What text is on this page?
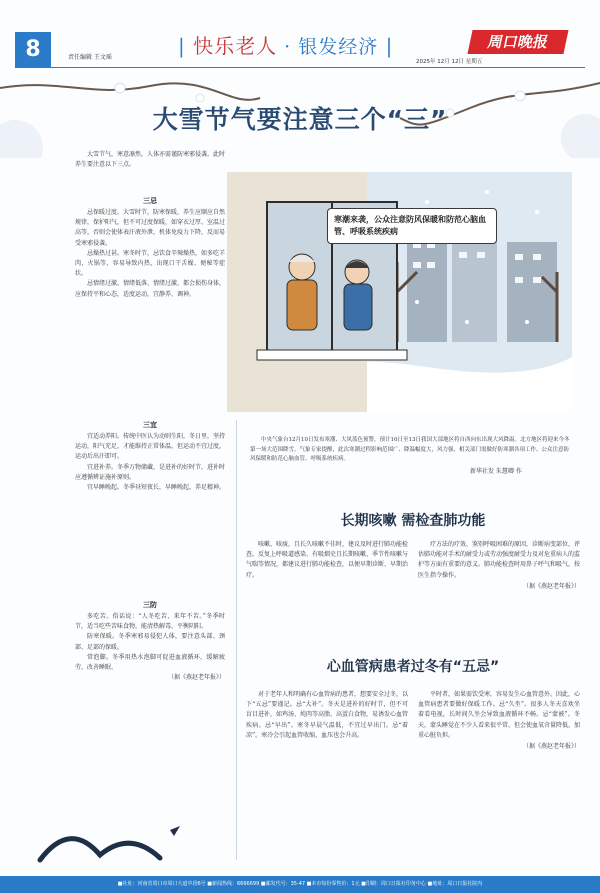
8	责任编辑 王文瑶	| 快乐老人 · 银发经济 |	周口晚报
2025年 12月 12日 星期五
大雪节气要注意三个“三”
大雪节气，寒意凛然，人体亦需谨防寒邪侵袭。此时养生要注意以下三点。
三忌

忌保暖过度。大雪时节，防寒保暖，养生应顺应自然规律，保护阳气，但不可过度保暖，如穿衣过厚、室温过高等，否则会使体表汗液外泄，机体免疫力下降，反而易受寒邪侵袭。

忌燥热过甚。寒冬时节，忌饮食辛辣燥热，如多吃羊肉、火锅等，容易导致内热，出现口干舌燥、便秘等症状。

忌情绪过激。情绪低落、情绪过激，都会损伤身体，应保持平和心态，适度运动，宜静养、调神。

三宜

宜适动养阳。传统中医认为动则生阳，冬日里，坚持运动，阳气充足，才能维持正常体温。但运动不宜过度，运动后出汗即可。

宜进补养。冬季万物储藏，是进补的好时节，进补时应遵循辨证施补原则。

宜早睡晚起。冬季昼短夜长，早睡晚起，养足精神。

三防

多吃苦。俗话说：“人冬吃苦，来年不苦。”冬季时节，适当吃些苦味食物，能清热解毒、平衡阴阳。

防寒保暖。冬季寒邪易侵犯人体，要注意头部、颈部、足部的保暖。

常泡脚。冬季用热水泡脚可促进血液循环，缓解疲劳，改善睡眠。

（据《燕赵老年报》）

寒潮来袭，公众注意防风保暖和防范心脑血管、呼吸系统疾病
中央气象台12月10日发布寒潮、大风蓝色预警，预计10日至13日我国大部地区将自西向东出现大风降温。北方地区将迎来今冬第一场大范围降雪。气象专家提醒，此次寒潮过程影响范围广、降温幅度大，风力强，相关部门需做好防寒潮各项工作。公众注意防风保暖和防范心脑血管、呼吸系统疾病。
新华社发 朱慧卿 作
长期咳嗽 需检查肺功能

咳嗽、咳痰，且长久咳嗽不佳时，建议及时进行肺功能检查。反复上呼吸道感染、有吸烟史且长期咳嗽、季节性咳嗽与气喘等情况，都建议进行肺功能检查，以便早期诊断、早期治疗。

疗方法的疗效，鉴别呼吸困难的原因，诊断病变部位，评估肺功能对手术的耐受力或劳动强度耐受力及对危重病人的监护等方面有重要的意义。肺功能检查时用鼻子呼气和吸气，按医生指令操作。

（据《燕赵老年报》）

心血管病患者过冬有“五忌”

对于老年人和明确有心血管病的患者，想要安全过冬，以下“五忌”要谨记。忌“大补”。冬天是进补的好时节，但不可盲目进补，如鸡汤、炖肉等高脂、高蛋白食物，易诱发心血管疾病。忌“早出”。寒冬早晨气温低，不宜过早出门。忌“着凉”。寒冷会引起血管收缩，血压也会升高。

平时者，如果需饮受寒，容易发生心血管意外。因此，心血管病患者要做好保暖工作。忌“久坐”。很多人冬天喜欢坐着看电视，长时间久坐会导致血液循环不畅。忌“蒙被”。冬天，蒙头睡觉在不少人看来很平常，但会使血氧含量降低，加重心脏负担。

（据《燕赵老年报》）

■社址：河南省周口市周口大道中段6号 ■新闻热线：6666699 ■邮发代号：35-47 ■本市每份零售价：1元 ■印刷：周口日报社印务中心 ■地址：周口日报社院内
